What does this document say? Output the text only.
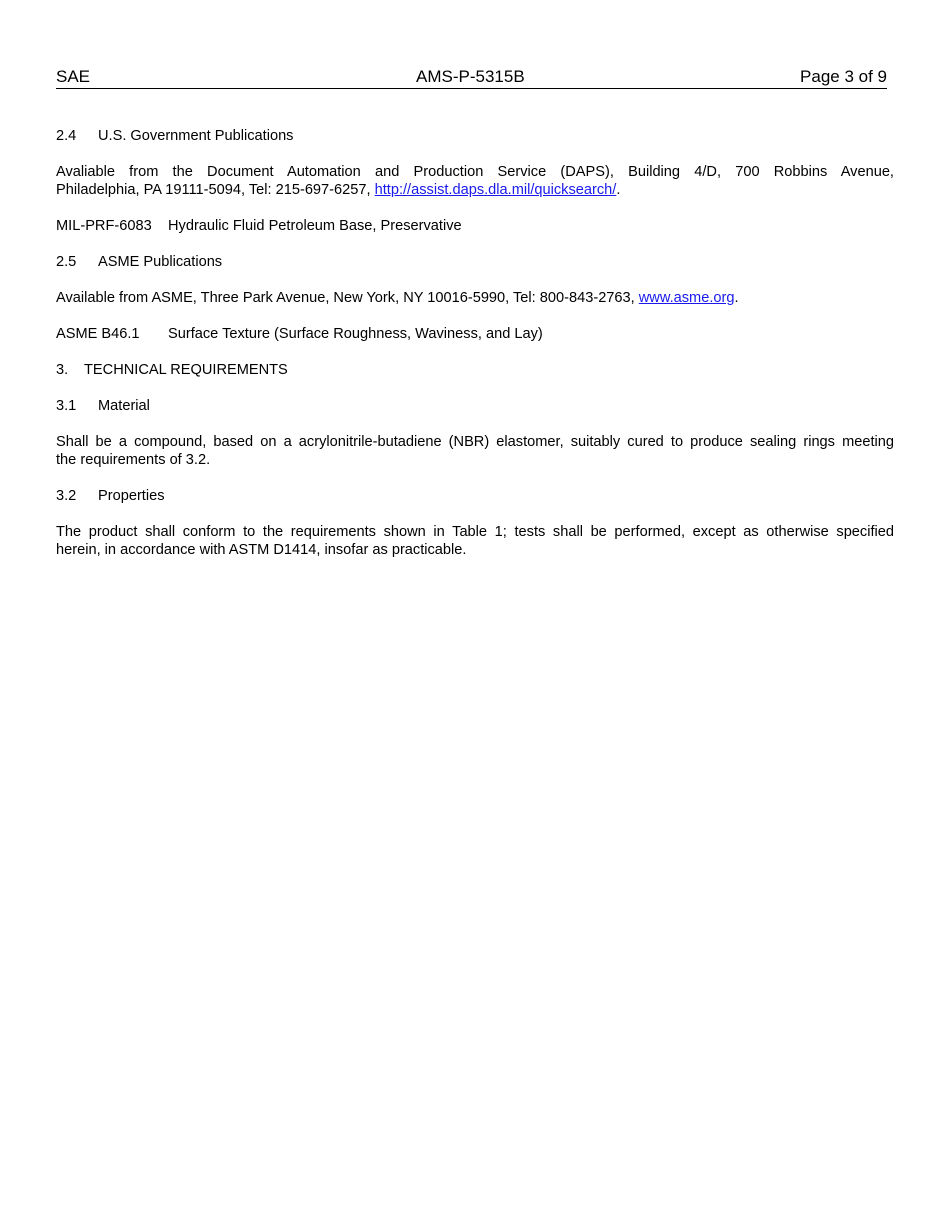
SAE	AMS-P-5315B	Page 3 of 9
2.4 U.S. Government Publications
Avaliable from the Document Automation and Production Service (DAPS), Building 4/D, 700 Robbins Avenue,
Philadelphia, PA 19111-5094, Tel: 215-697-6257, http://assist.daps.dla.mil/quicksearch/.
MIL-PRF-6083 Hydraulic Fluid Petroleum Base, Preservative
2.5 ASME Publications
Available from ASME, Three Park Avenue, New York, NY 10016-5990, Tel: 800-843-2763, www.asme.org.
ASME B46.1 Surface Texture (Surface Roughness, Waviness, and Lay)
3. TECHNICAL REQUIREMENTS
3.1 Material
Shall be a compound, based on a acrylonitrile-butadiene (NBR) elastomer, suitably cured to produce sealing rings meeting
the requirements of 3.2.
3.2 Properties
The product shall conform to the requirements shown in Table 1; tests shall be performed, except as otherwise specified
herein, in accordance with ASTM D1414, insofar as practicable.
